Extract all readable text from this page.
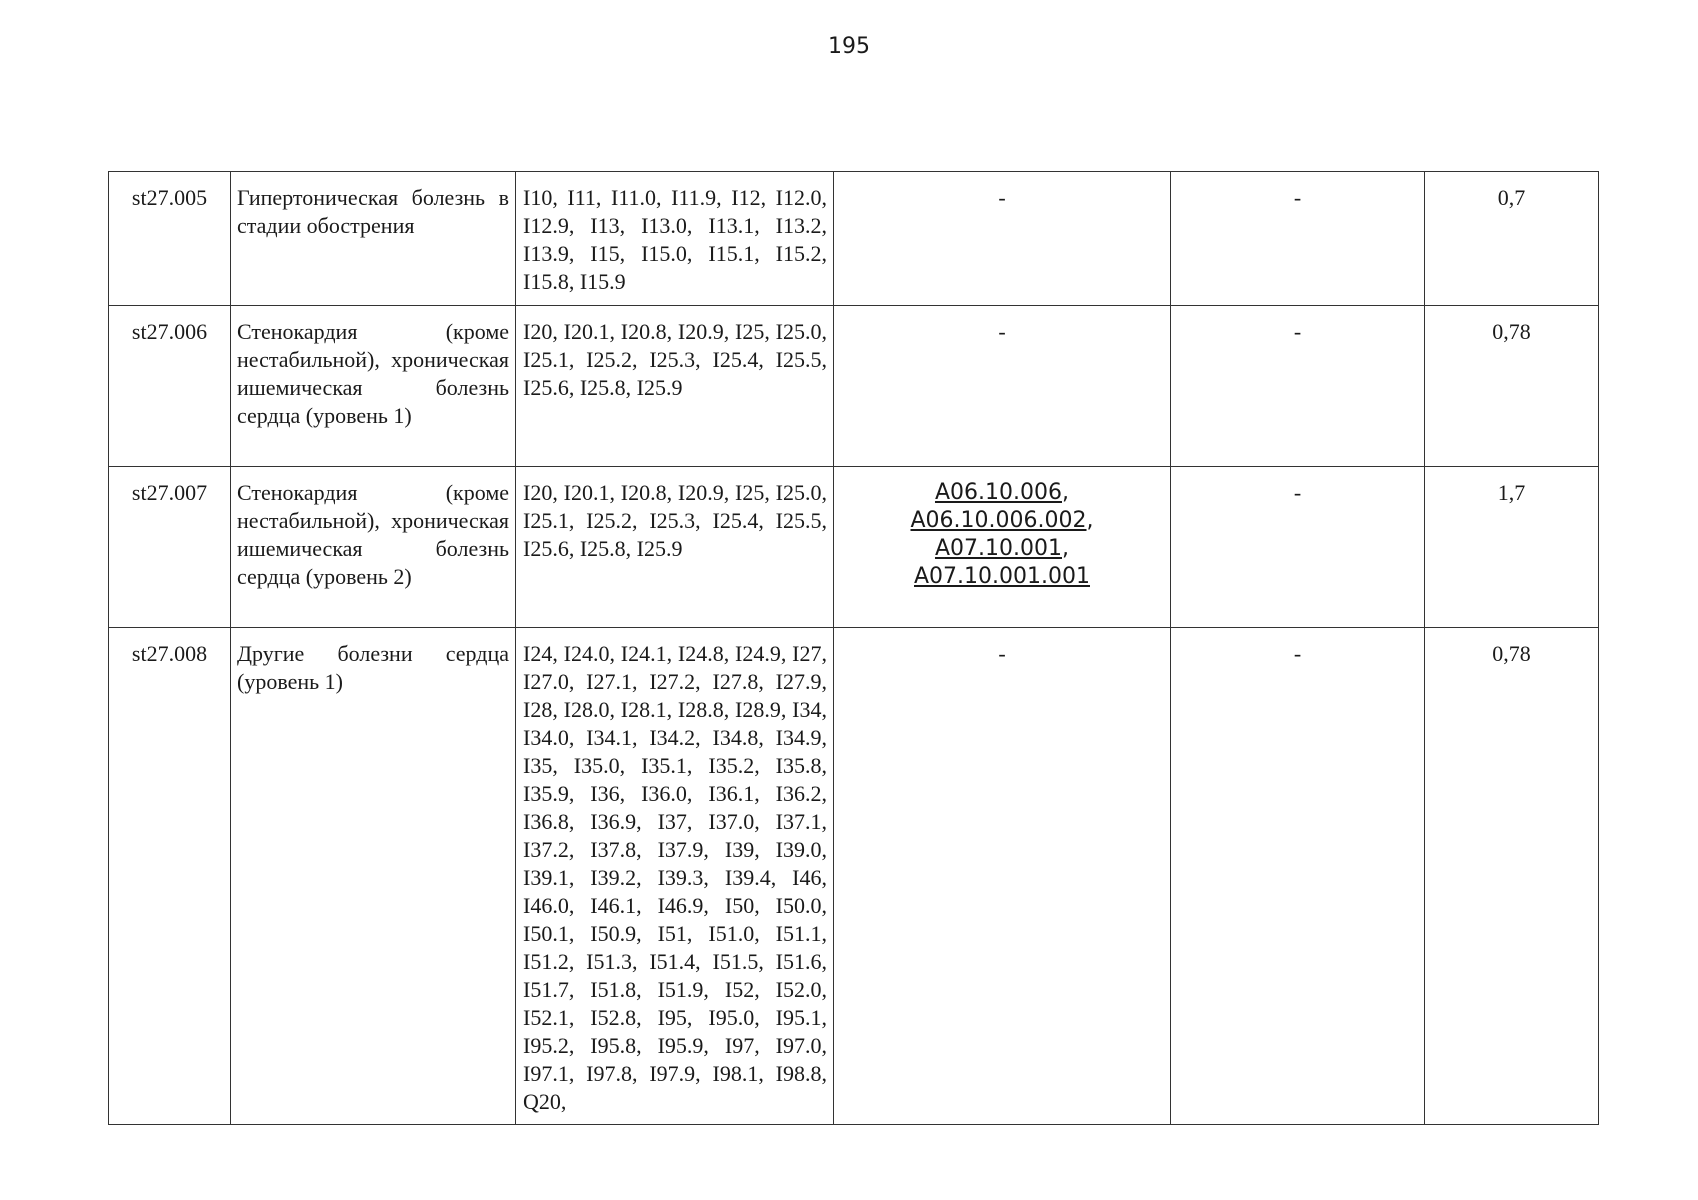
195
st27.005	Гипертоническая болезнь в стадии обострения	I10, I11, I11.0, I11.9, I12, I12.0, I12.9, I13, I13.0, I13.1, I13.2, I13.9, I15, I15.0, I15.1, I15.2, I15.8, I15.9	-	-	0,7
st27.006	Стенокардия (кроме нестабильной), хроническая ишемическая болезнь сердца (уровень 1)	I20, I20.1, I20.8, I20.9, I25, I25.0, I25.1, I25.2, I25.3, I25.4, I25.5, I25.6, I25.8, I25.9	-	-	0,78
st27.007	Стенокардия (кроме нестабильной), хроническая ишемическая болезнь сердца (уровень 2)	I20, I20.1, I20.8, I20.9, I25, I25.0, I25.1, I25.2, I25.3, I25.4, I25.5, I25.6, I25.8, I25.9	A06.10.006,
A06.10.006.002,
A07.10.001,
A07.10.001.001	-	1,7
st27.008	Другие болезни сердца (уровень 1)	I24, I24.0, I24.1, I24.8, I24.9, I27, I27.0, I27.1, I27.2, I27.8, I27.9, I28, I28.0, I28.1, I28.8, I28.9, I34, I34.0, I34.1, I34.2, I34.8, I34.9, I35, I35.0, I35.1, I35.2, I35.8, I35.9, I36, I36.0, I36.1, I36.2, I36.8, I36.9, I37, I37.0, I37.1, I37.2, I37.8, I37.9, I39, I39.0, I39.1, I39.2, I39.3, I39.4, I46, I46.0, I46.1, I46.9, I50, I50.0, I50.1, I50.9, I51, I51.0, I51.1, I51.2, I51.3, I51.4, I51.5, I51.6, I51.7, I51.8, I51.9, I52, I52.0, I52.1, I52.8, I95, I95.0, I95.1, I95.2, I95.8, I95.9, I97, I97.0, I97.1, I97.8, I97.9, I98.1, I98.8, Q20,	-	-	0,78
